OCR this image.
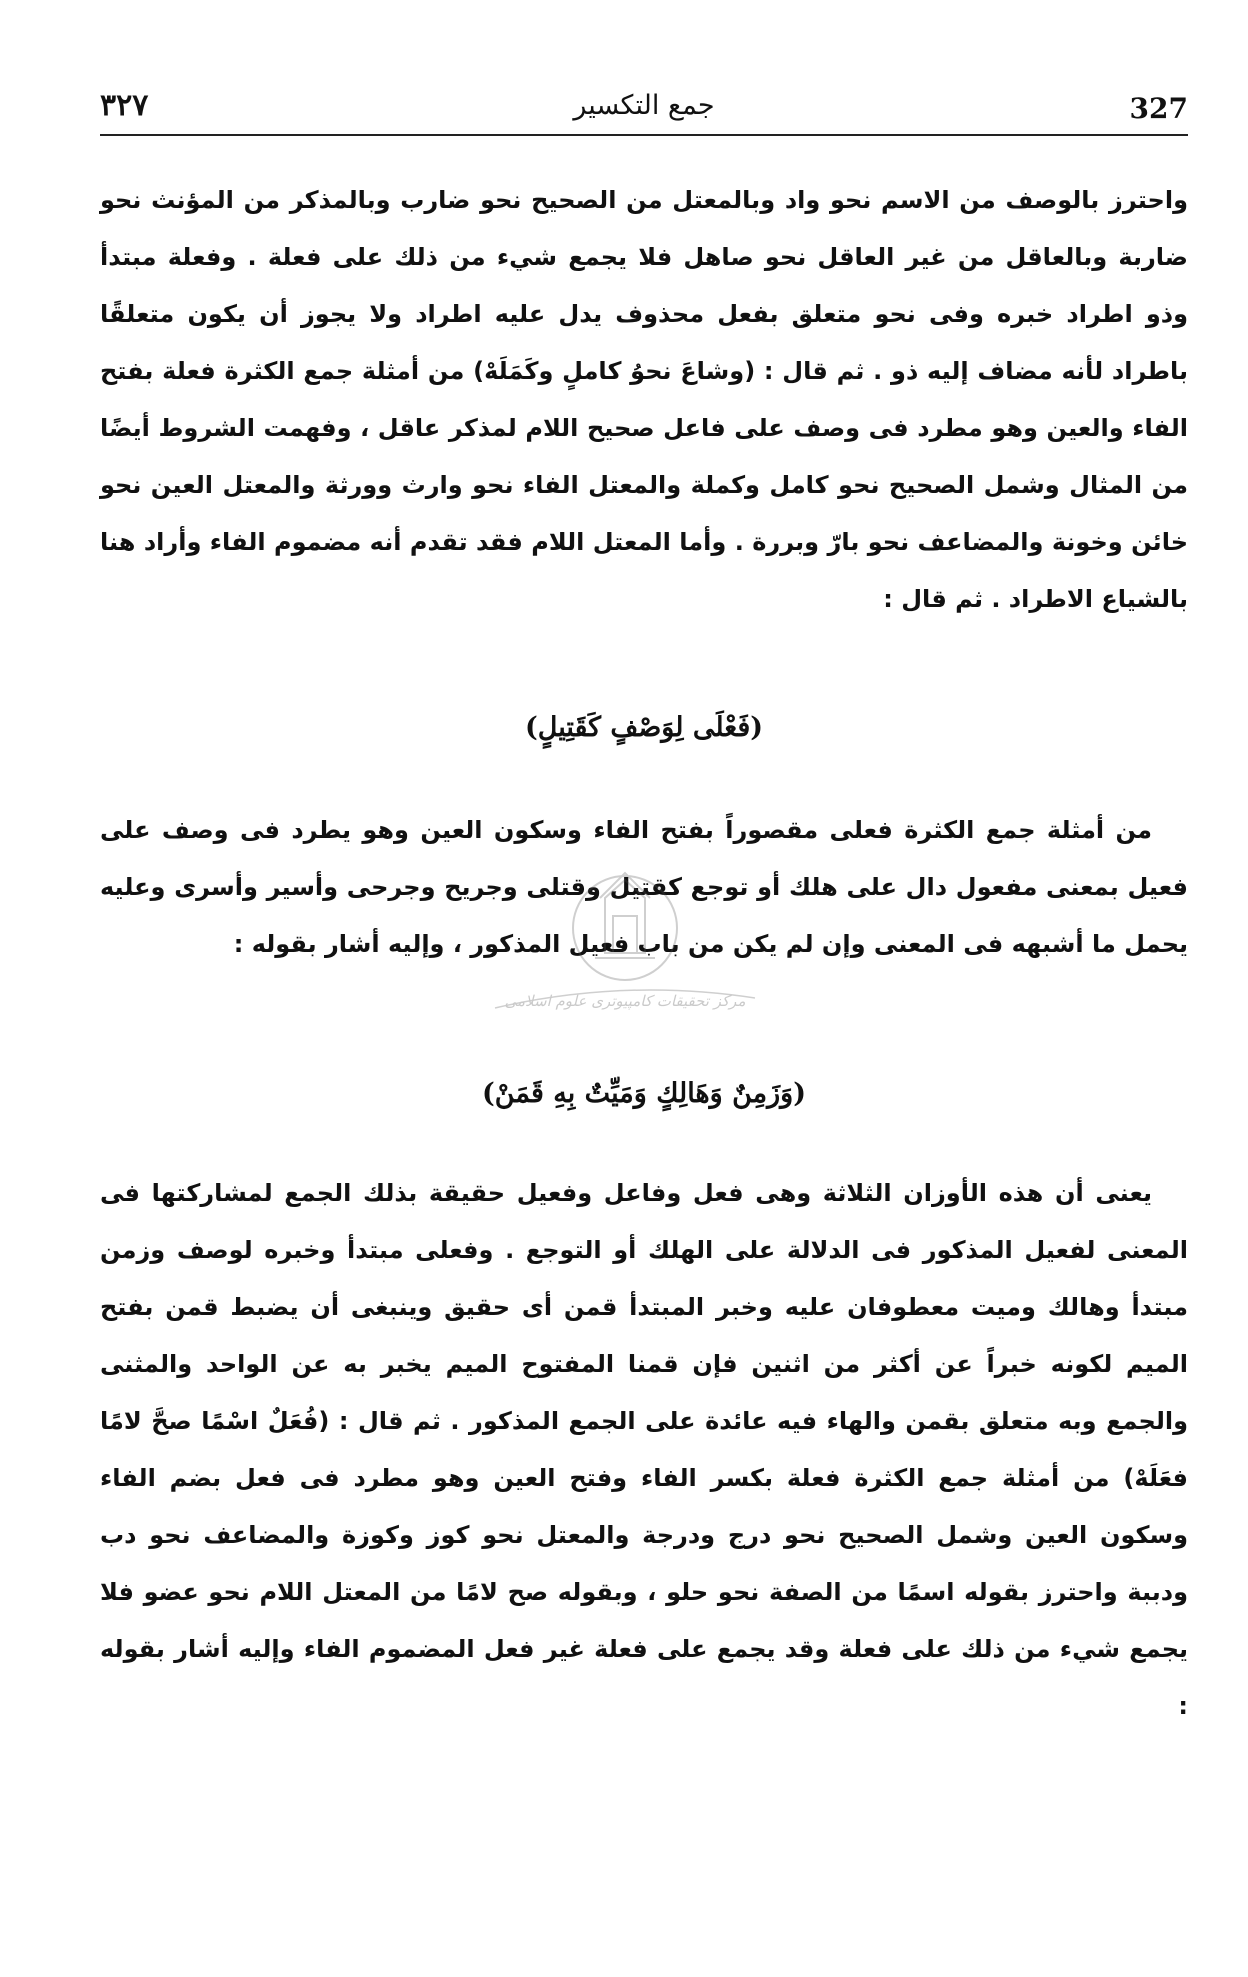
327
جمع التكسير
٣٢٧
واحترز بالوصف من الاسم نحو واد وبالمعتل من الصحيح نحو ضارب وبالمذكر من المؤنث نحو ضاربة وبالعاقل من غير العاقل نحو صاهل فلا يجمع شيء من ذلك على فعلة . وفعلة مبتدأ وذو اطراد خبره وفى نحو متعلق بفعل محذوف يدل عليه اطراد ولا يجوز أن يكون متعلقًا باطراد لأنه مضاف إليه ذو . ثم قال : (وشاعَ نحوُ كاملٍ وكَمَلَهْ) من أمثلة جمع الكثرة فعلة بفتح الفاء والعين وهو مطرد فى وصف على فاعل صحيح اللام لمذكر عاقل ، وفهمت الشروط أيضًا من المثال وشمل الصحيح نحو كامل وكملة والمعتل الفاء نحو وارث وورثة والمعتل العين نحو خائن وخونة والمضاعف نحو بارّ وبررة . وأما المعتل اللام فقد تقدم أنه مضموم الفاء وأراد هنا بالشياع الاطراد . ثم قال :
(فَعْلَى لِوَصْفٍ كَقَتِيلٍ)
من أمثلة جمع الكثرة فعلى مقصوراً بفتح الفاء وسكون العين وهو يطرد فى وصف على فعيل بمعنى مفعول دال على هلك أو توجع كقتيل وقتلى وجريح وجرحى وأسير وأسرى وعليه يحمل ما أشبهه فى المعنى وإن لم يكن من باب فعيل المذكور ، وإليه أشار بقوله :
(وَزَمِنٌ وَهَالِكٍ وَمَيِّتٌ بِهِ قَمَنْ)
يعنى أن هذه الأوزان الثلاثة وهى فعل وفاعل وفعيل حقيقة بذلك الجمع لمشاركتها فى المعنى لفعيل المذكور فى الدلالة على الهلك أو التوجع . وفعلى مبتدأ وخبره لوصف وزمن مبتدأ وهالك وميت معطوفان عليه وخبر المبتدأ قمن أى حقيق وينبغى أن يضبط قمن بفتح الميم لكونه خبراً عن أكثر من اثنين فإن قمنا المفتوح الميم يخبر به عن الواحد والمثنى والجمع وبه متعلق بقمن والهاء فيه عائدة على الجمع المذكور . ثم قال : (فُعَلٌ اسْمًا صحَّ لامًا فعَلَهْ) من أمثلة جمع الكثرة فعلة بكسر الفاء وفتح العين وهو مطرد فى فعل بضم الفاء وسكون العين وشمل الصحيح نحو درج ودرجة والمعتل نحو كوز وكوزة والمضاعف نحو دب ودببة واحترز بقوله اسمًا من الصفة نحو حلو ، وبقوله صح لامًا من المعتل اللام نحو عضو فلا يجمع شيء من ذلك على فعلة وقد يجمع على فعلة غير فعل المضموم الفاء وإليه أشار بقوله :
مركز تحقیقات کامپیوتری علوم اسلامی
